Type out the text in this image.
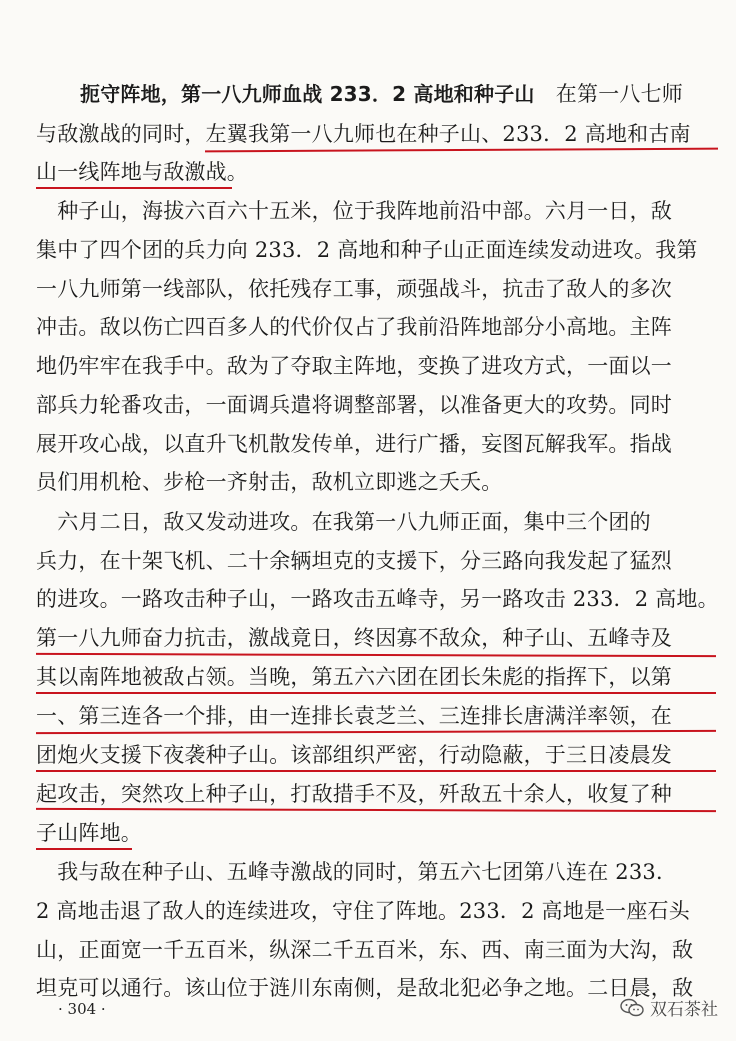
扼守阵地，第一八九师血战 233．2 高地和种子山　在第一八七师
与敌激战的同时，左翼我第一八九师也在种子山、233．2 高地和古南
山一线阵地与敌激战。
　种子山，海拔六百六十五米，位于我阵地前沿中部。六月一日，敌
集中了四个团的兵力向 233．2 高地和种子山正面连续发动进攻。我第
一八九师第一线部队，依托残存工事，顽强战斗，抗击了敌人的多次
冲击。敌以伤亡四百多人的代价仅占了我前沿阵地部分小高地。主阵
地仍牢牢在我手中。敌为了夺取主阵地，变换了进攻方式，一面以一
部兵力轮番攻击，一面调兵遣将调整部署，以准备更大的攻势。同时
展开攻心战，以直升飞机散发传单，进行广播，妄图瓦解我军。指战
员们用机枪、步枪一齐射击，敌机立即逃之夭夭。
　六月二日，敌又发动进攻。在我第一八九师正面，集中三个团的
兵力，在十架飞机、二十余辆坦克的支援下，分三路向我发起了猛烈
的进攻。一路攻击种子山，一路攻击五峰寺，另一路攻击 233．2 高地。
第一八九师奋力抗击，激战竟日，终因寡不敌众，种子山、五峰寺及
其以南阵地被敌占领。当晚，第五六六团在团长朱彪的指挥下，以第
一、第三连各一个排，由一连排长袁芝兰、三连排长唐满洋率领，在
团炮火支援下夜袭种子山。该部组织严密，行动隐蔽，于三日凌晨发
起攻击，突然攻上种子山，打敌措手不及，歼敌五十余人，收复了种
子山阵地。
　我与敌在种子山、五峰寺激战的同时，第五六七团第八连在 233．
2 高地击退了敌人的连续进攻，守住了阵地。233．2 高地是一座石头
山，正面宽一千五百米，纵深二千五百米，东、西、南三面为大沟，敌
坦克可以通行。该山位于涟川东南侧，是敌北犯必争之地。二日晨，敌
· 304 ·	双石茶社
